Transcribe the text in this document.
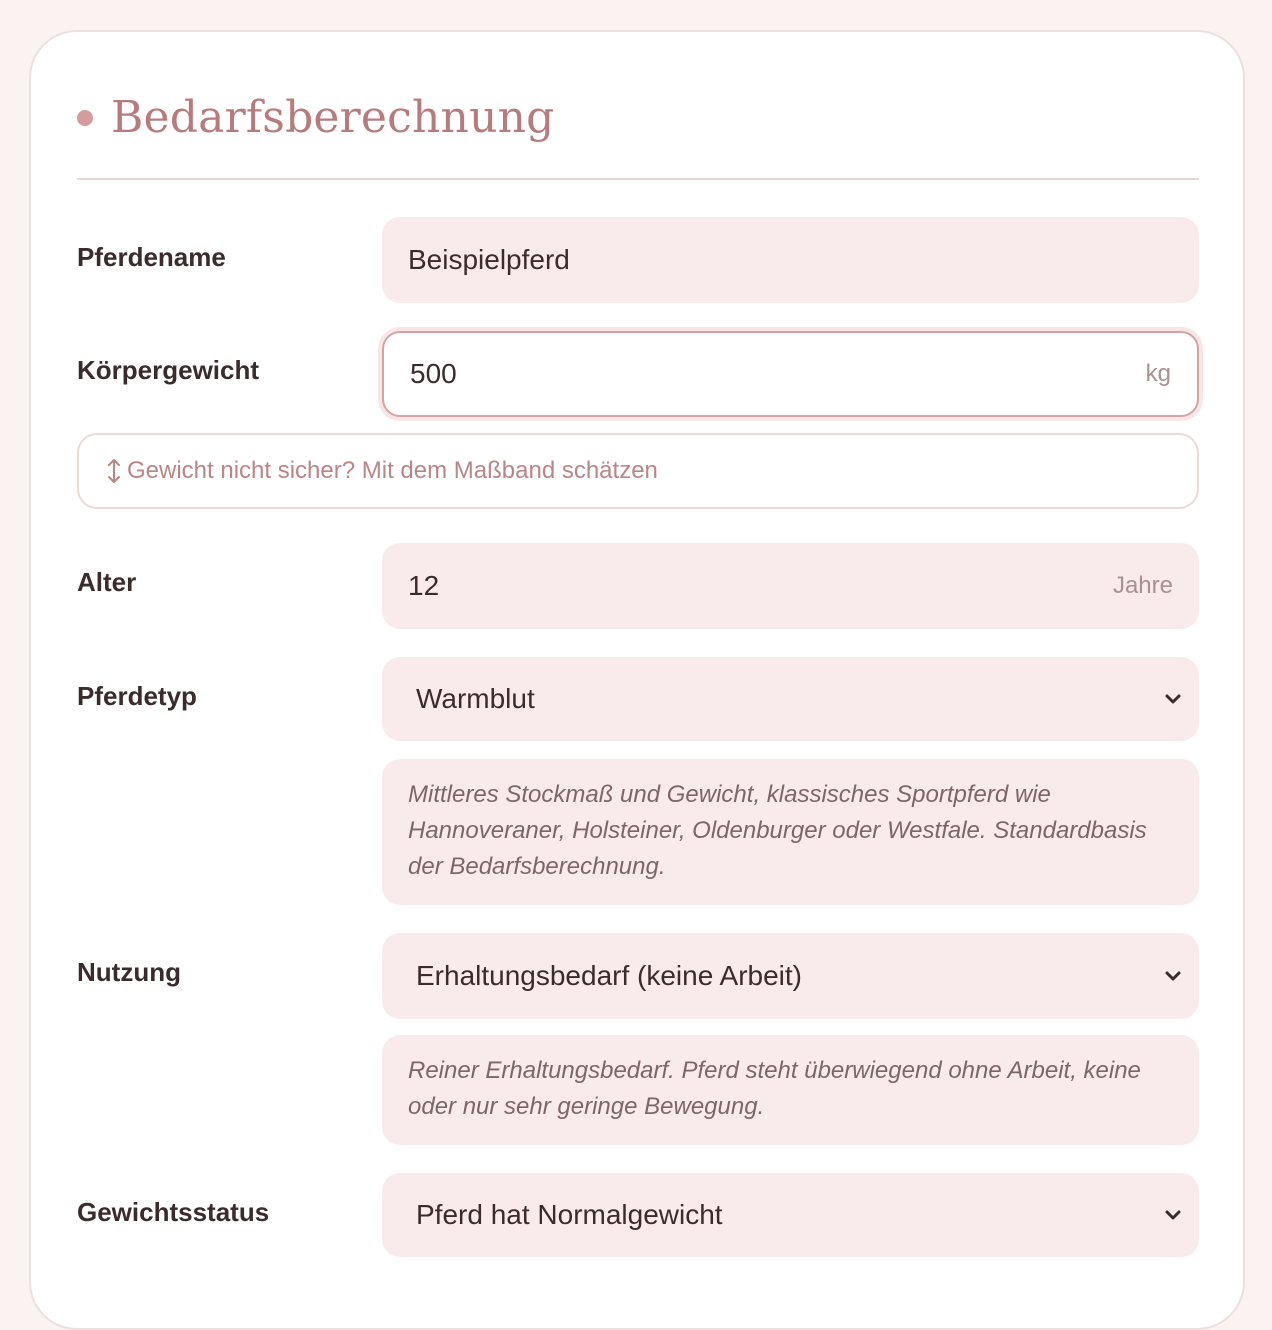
Bedarfsberechnung
Pferdename	Beispielpferd
Körpergewicht	500	kg
Gewicht nicht sicher? Mit dem Maßband schätzen
Alter	12	Jahre
Pferdetyp	Warmblut
Mittleres Stockmaß und Gewicht, klassisches Sportpferd wie Hannoveraner, Holsteiner, Oldenburger oder Westfale. Standardbasis der Bedarfsberechnung.
Nutzung	Erhaltungsbedarf (keine Arbeit)
Reiner Erhaltungsbedarf. Pferd steht überwiegend ohne Arbeit, keine oder nur sehr geringe Bewegung.
Gewichtsstatus	Pferd hat Normalgewicht
